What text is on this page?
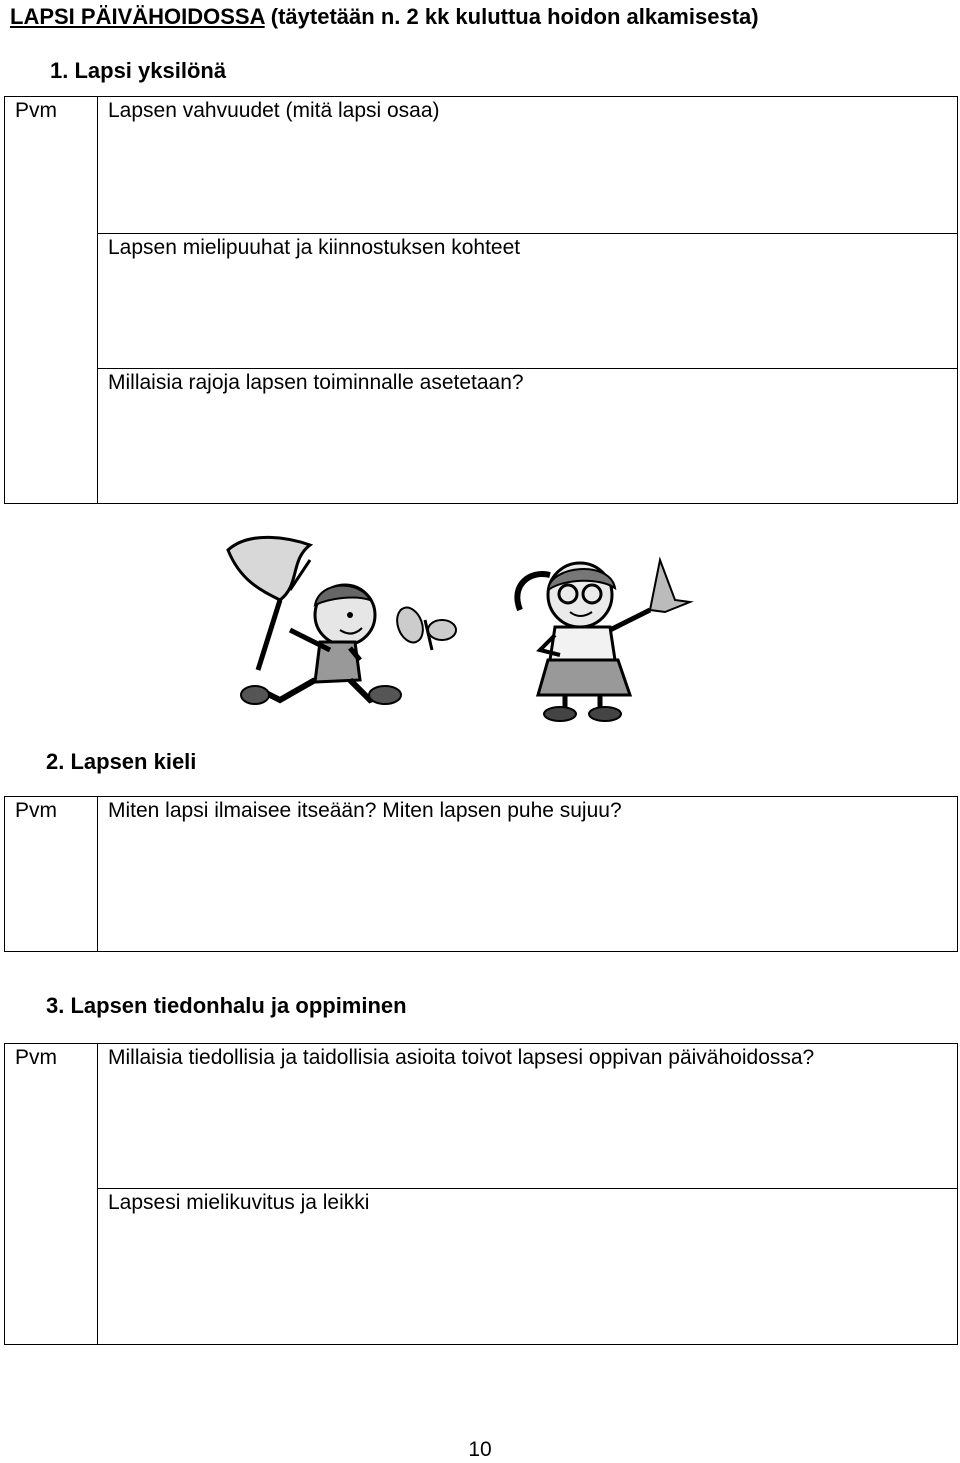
LAPSI PÄIVÄHOIDOSSA (täytetään n. 2 kk kuluttua hoidon alkamisesta)
1. Lapsi yksilönä
Pvm	Lapsen vahvuudet (mitä lapsi osaa)

Lapsen mielipuuhat ja kiinnostuksen kohteet

Millaisia rajoja lapsen toiminnalle asetetaan?
2. Lapsen kieli
Pvm	Miten lapsi ilmaisee itseään? Miten lapsen puhe sujuu?
3. Lapsen tiedonhalu ja oppiminen
Pvm	Millaisia tiedollisia ja taidollisia asioita toivot lapsesi oppivan päivähoidossa?

Lapsesi mielikuvitus ja leikki
10
